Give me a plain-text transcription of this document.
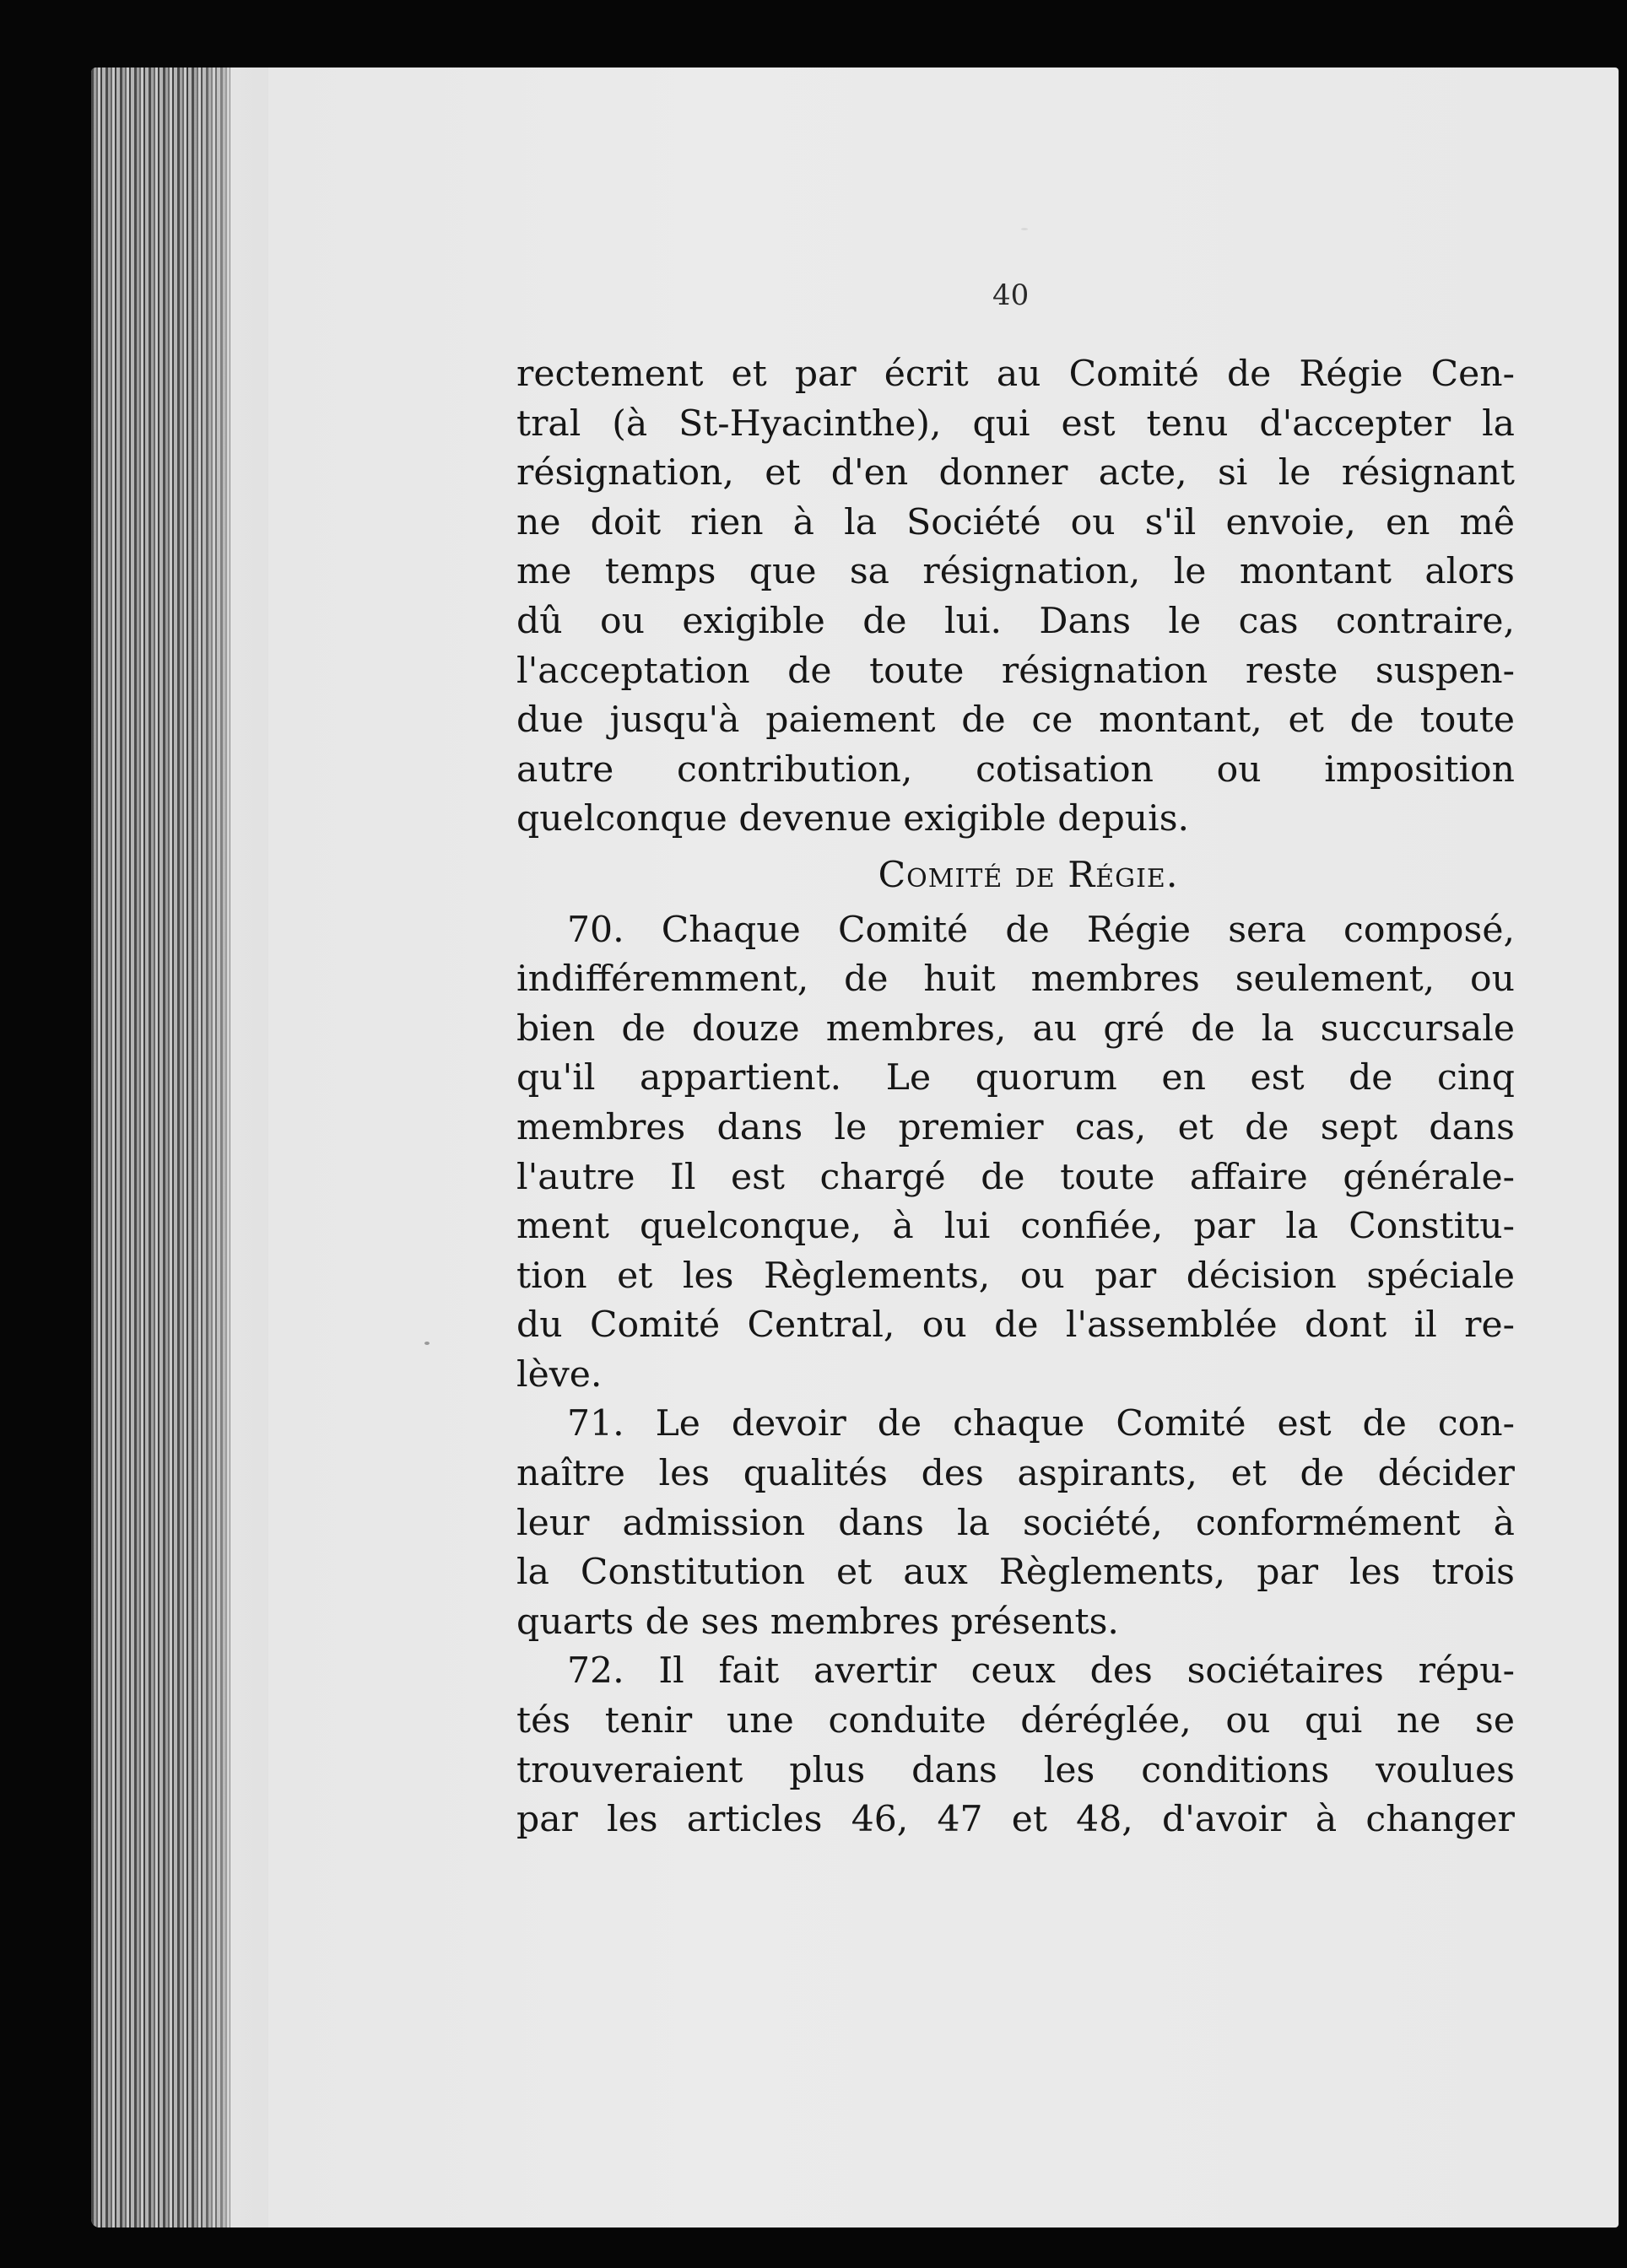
40
rectement et par écrit au Comité de Régie Cen-
tral (à St-Hyacinthe), qui est tenu d'accepter la
résignation, et d'en donner acte, si le résignant
ne doit rien à la Société ou s'il envoie, en mê
me temps que sa résignation, le montant alors
dû ou exigible de lui. Dans le cas contraire,
l'acceptation de toute résignation reste suspen-
due jusqu'à paiement de ce montant, et de toute
autre contribution, cotisation ou imposition
quelconque devenue exigible depuis.
Comité de Régie.
70. Chaque Comité de Régie sera composé,
indifféremment, de huit membres seulement, ou
bien de douze membres, au gré de la succursale
qu'il appartient. Le quorum en est de cinq
membres dans le premier cas, et de sept dans
l'autre Il est chargé de toute affaire générale-
ment quelconque, à lui confiée, par la Constitu-
tion et les Règlements, ou par décision spéciale
du Comité Central, ou de l'assemblée dont il re-
lève.
71. Le devoir de chaque Comité est de con-
naître les qualités des aspirants, et de décider
leur admission dans la société, conformément à
la Constitution et aux Règlements, par les trois
quarts de ses membres présents.
72. Il fait avertir ceux des sociétaires répu-
tés tenir une conduite déréglée, ou qui ne se
trouveraient plus dans les conditions voulues
par les articles 46, 47 et 48, d'avoir à changer
